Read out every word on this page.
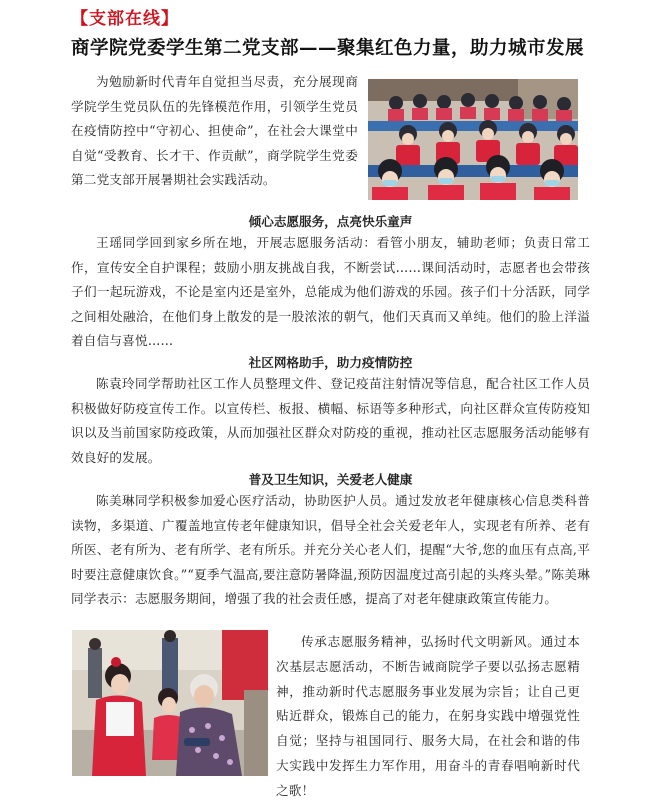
【支部在线】
商学院党委学生第二党支部——聚集红色力量，助力城市发展
为勉励新时代青年自觉担当尽责，充分展现商学院学生党员队伍的先锋模范作用，引领学生党员在疫情防控中“守初心、担使命”，在社会大课堂中自觉“受教育、长才干、作贡献”，商学院学生党委第二党支部开展暑期社会实践活动。
倾心志愿服务，点亮快乐童声
王瑶同学回到家乡所在地，开展志愿服务活动：看管小朋友，辅助老师；负责日常工作，宣传安全自护课程；鼓励小朋友挑战自我，不断尝试……课间活动时，志愿者也会带孩子们一起玩游戏，不论是室内还是室外，总能成为他们游戏的乐园。孩子们十分活跃，同学之间相处融洽，在他们身上散发的是一股浓浓的朝气，他们天真而又单纯。他们的脸上洋溢着自信与喜悦……
社区网格助手，助力疫情防控
陈袁玲同学帮助社区工作人员整理文件、登记疫苗注射情况等信息，配合社区工作人员积极做好防疫宣传工作。以宣传栏、板报、横幅、标语等多种形式，向社区群众宣传防疫知识以及当前国家防疫政策，从而加强社区群众对防疫的重视，推动社区志愿服务活动能够有效良好的发展。
普及卫生知识，关爱老人健康
陈美琳同学积极参加爱心医疗活动，协助医护人员。通过发放老年健康核心信息类科普读物，多渠道、广覆盖地宣传老年健康知识，倡导全社会关爱老年人，实现老有所养、老有所医、老有所为、老有所学、老有所乐。并充分关心老人们，提醒“大爷,您的血压有点高,平时要注意健康饮食。”“夏季气温高,要注意防暑降温,预防因温度过高引起的头疼头晕。”陈美琳同学表示：志愿服务期间，增强了我的社会责任感，提高了对老年健康政策宣传能力。
传承志愿服务精神，弘扬时代文明新风。通过本次基层志愿活动，不断告诫商院学子要以弘扬志愿精神，推动新时代志愿服务事业发展为宗旨；让自己更贴近群众，锻炼自己的能力，在躬身实践中增强党性自觉；坚持与祖国同行、服务大局，在社会和谐的伟大实践中发挥生力军作用，用奋斗的青春唱响新时代之歌！
